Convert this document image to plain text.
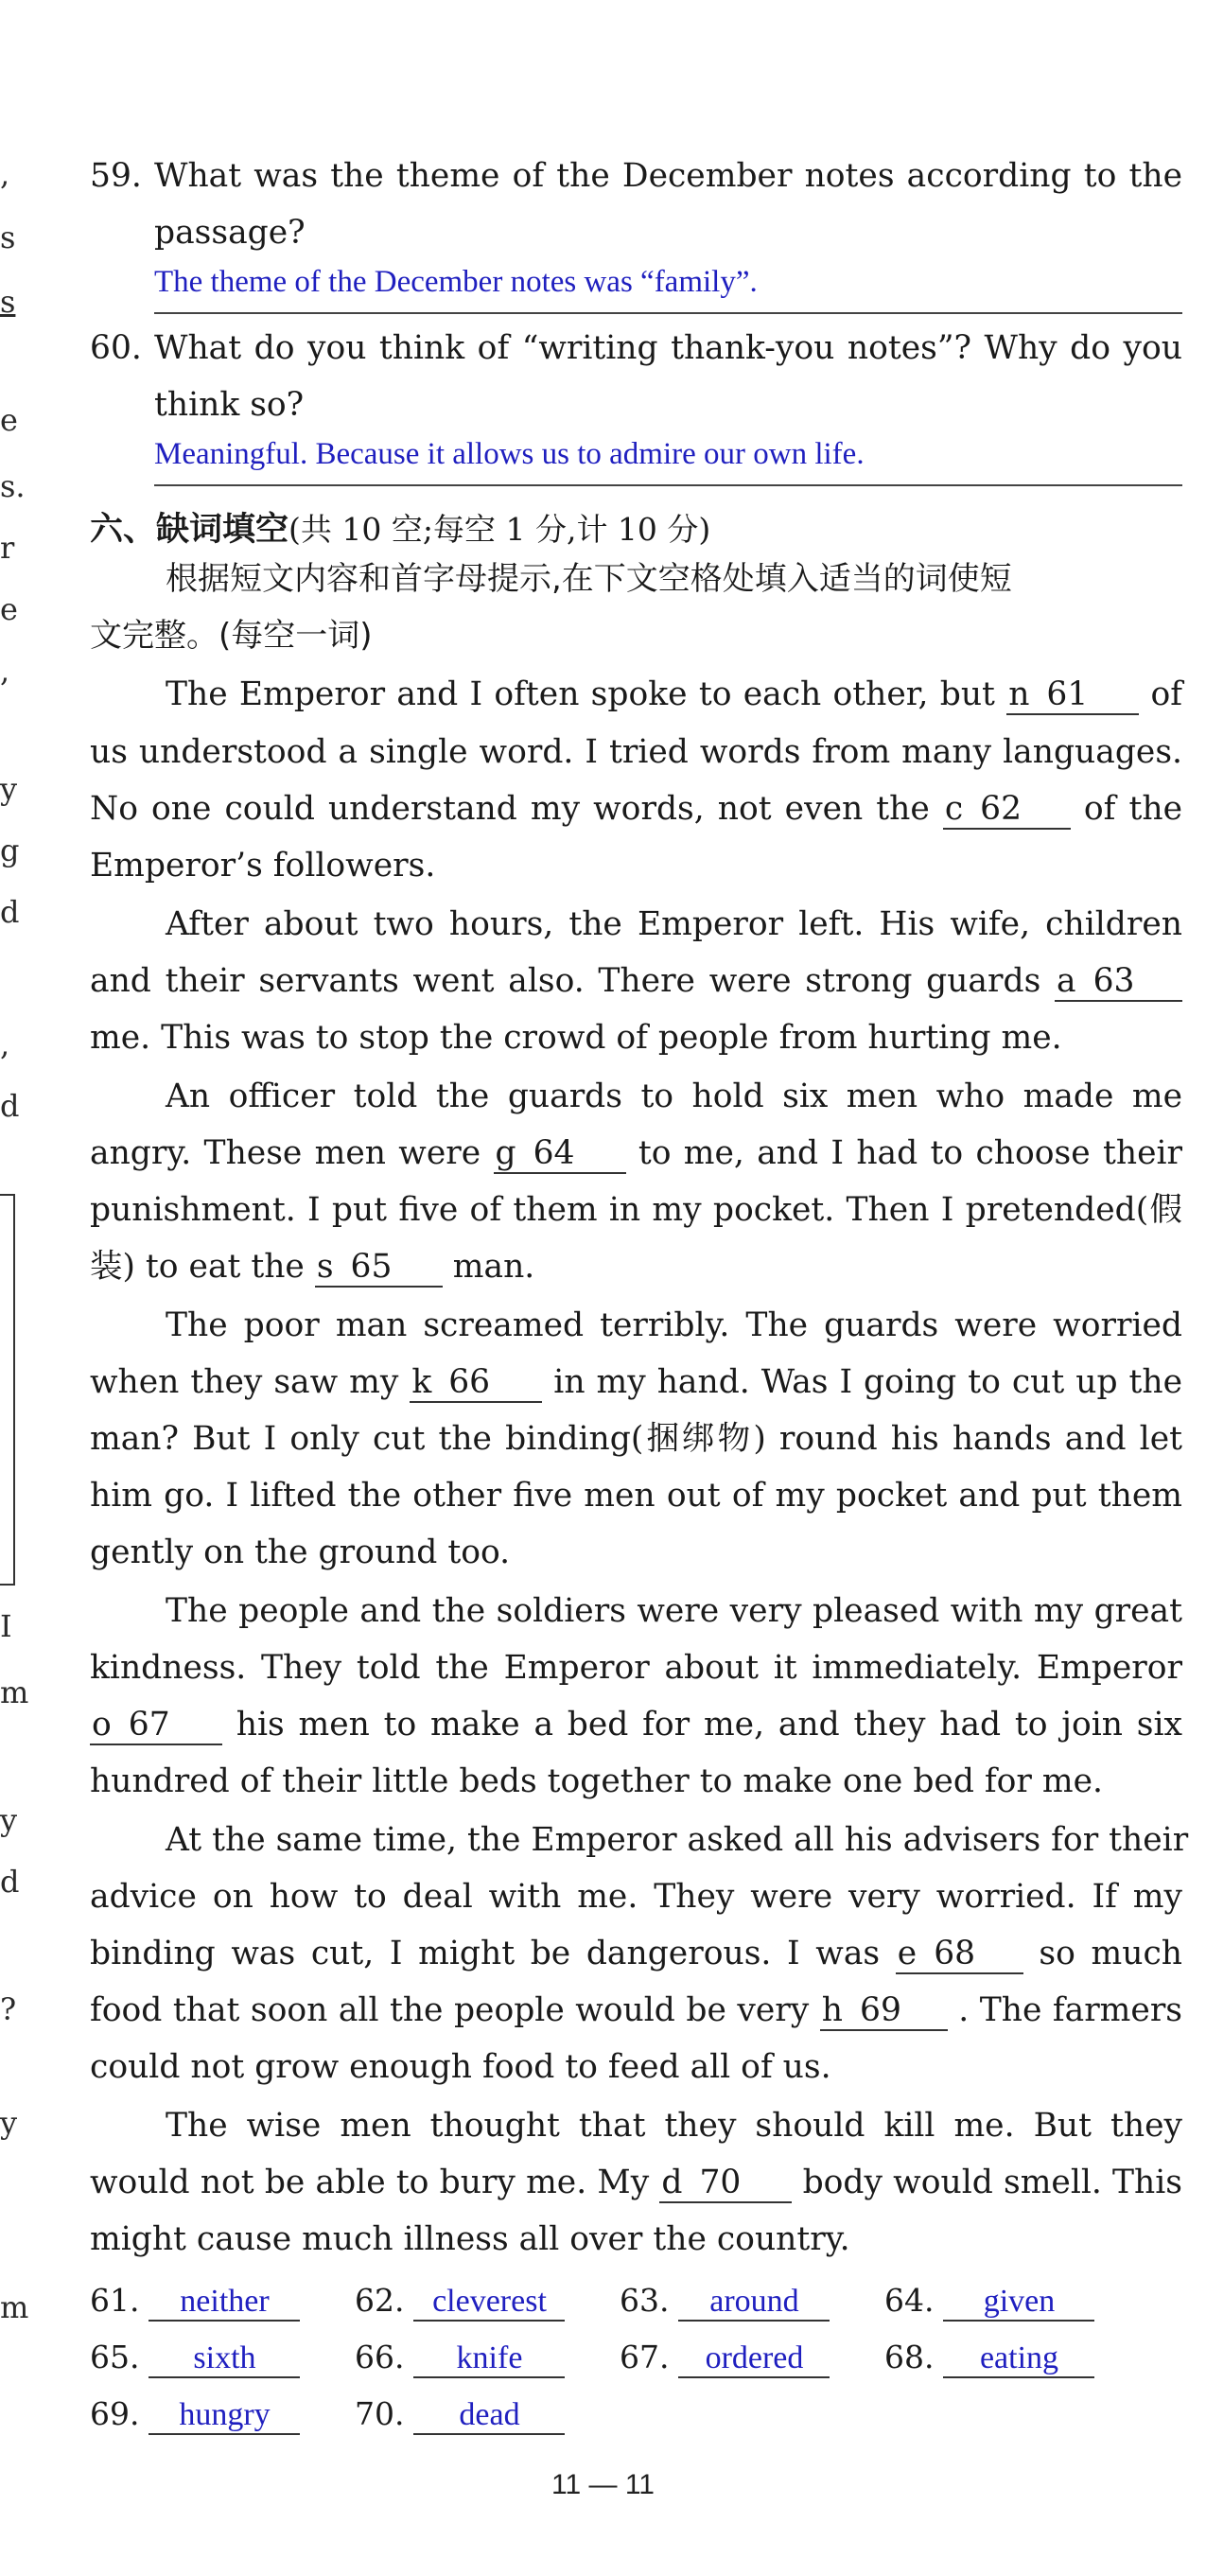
,
s
s
e
s.
r
e
,
y
g
d
,
d
I
m
y
d
?
y
m
59. What was the theme of the December notes according to the
passage?
The theme of the December notes was “family”.
60. What do you think of “writing thank-you notes”? Why do you
think so?
Meaningful. Because it allows us to admire our own life.
六、缺词填空(共 10 空;每空 1 分,计 10 分)
根据短文内容和首字母提示,在下文空格处填入适当的词使短
文完整。(每空一词)
The Emperor and I often spoke to each other, but n 61 of
us understood a single word. I tried words from many languages.
No one could understand my words, not even the c 62 of the
Emperor’s followers.
After about two hours, the Emperor left. His wife, children
and their servants went also. There were strong guards a 63
me. This was to stop the crowd of people from hurting me.
An officer told the guards to hold six men who made me
angry. These men were g 64 to me, and I had to choose their
punishment. I put five of them in my pocket. Then I pretended(假
装) to eat the s 65 man.
The poor man screamed terribly. The guards were worried
when they saw my k 66 in my hand. Was I going to cut up the
man? But I only cut the binding(捆绑物) round his hands and let
him go. I lifted the other five men out of my pocket and put them
gently on the ground too.
The people and the soldiers were very pleased with my great
kindness. They told the Emperor about it immediately. Emperor
o 67 his men to make a bed for me, and they had to join six
hundred of their little beds together to make one bed for me.
At the same time, the Emperor asked all his advisers for their
advice on how to deal with me. They were very worried. If my
binding was cut, I might be dangerous. I was e 68 so much
food that soon all the people would be very h 69 . The farmers
could not grow enough food to feed all of us.
The wise men thought that they should kill me. But they
would not be able to bury me. My d 70 body would smell. This
might cause much illness all over the country.
61. neither	62. cleverest	63. around	64. given
65. sixth	66. knife	67. ordered	68. eating
69. hungry	70. dead
11 — 11
